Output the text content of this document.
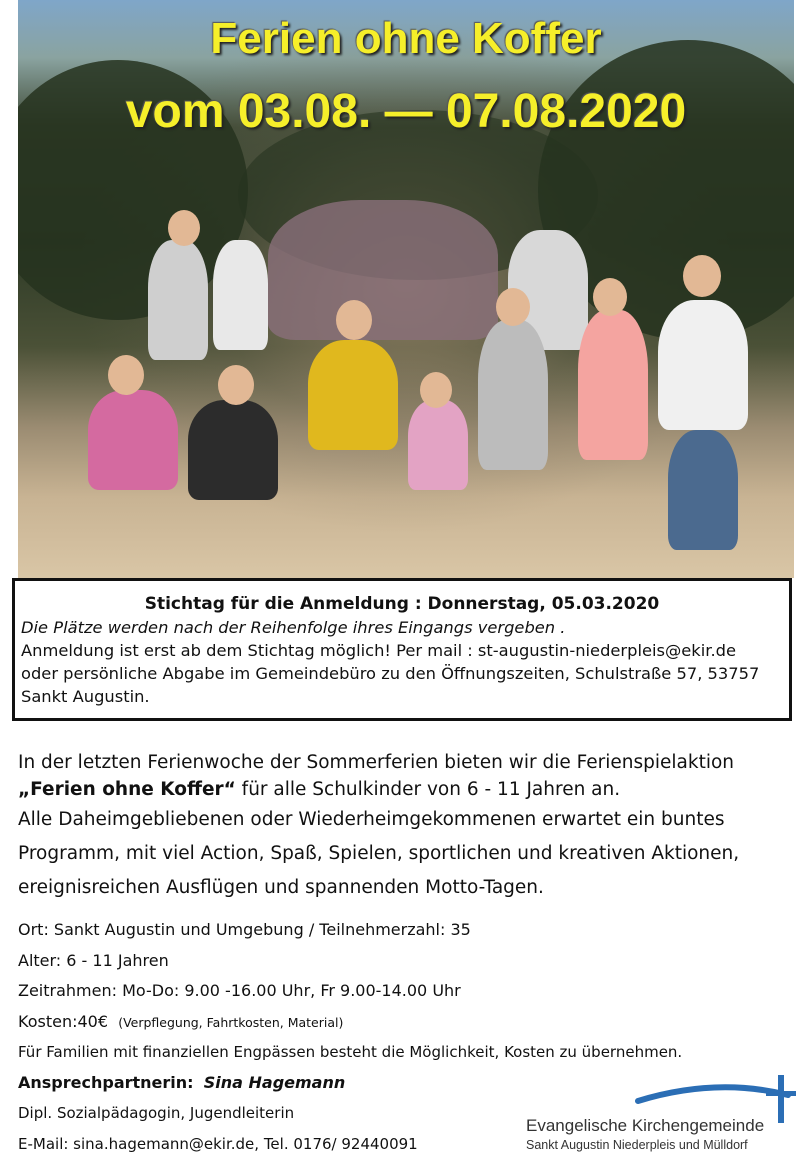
Ferien ohne Koffer
vom 03.08. — 07.08.2020
Stichtag für die Anmeldung : Donnerstag, 05.03.2020
Die Plätze werden nach der Reihenfolge ihres Eingangs vergeben .
Anmeldung ist erst ab dem Stichtag möglich! Per mail : st-augustin-niederpleis@ekir.de
oder persönliche Abgabe im Gemeindebüro zu den Öffnungszeiten, Schulstraße 57, 53757
Sankt Augustin.
In der letzten Ferienwoche der Sommerferien bieten wir die Ferienspielaktion
„Ferien ohne Koffer“ für alle Schulkinder von 6 - 11 Jahren an.
Alle Daheimgebliebenen oder Wiederheimgekommenen erwartet ein buntes
Programm, mit viel Action, Spaß, Spielen, sportlichen und kreativen Aktionen,
ereignisreichen Ausflügen und spannenden Motto-Tagen.
Ort: Sankt Augustin und Umgebung / Teilnehmerzahl: 35
Alter: 6 - 11 Jahren
Zeitrahmen: Mo-Do: 9.00 -16.00 Uhr, Fr 9.00-14.00 Uhr
Kosten:40€ (Verpflegung, Fahrtkosten, Material)
Für Familien mit finanziellen Engpässen besteht die Möglichkeit, Kosten zu übernehmen.
Ansprechpartnerin: Sina Hagemann
Dipl. Sozialpädagogin, Jugendleiterin
E-Mail: sina.hagemann@ekir.de, Tel. 0176/ 92440091
Evangelische Kirchengemeinde
Sankt Augustin Niederpleis und Mülldorf
